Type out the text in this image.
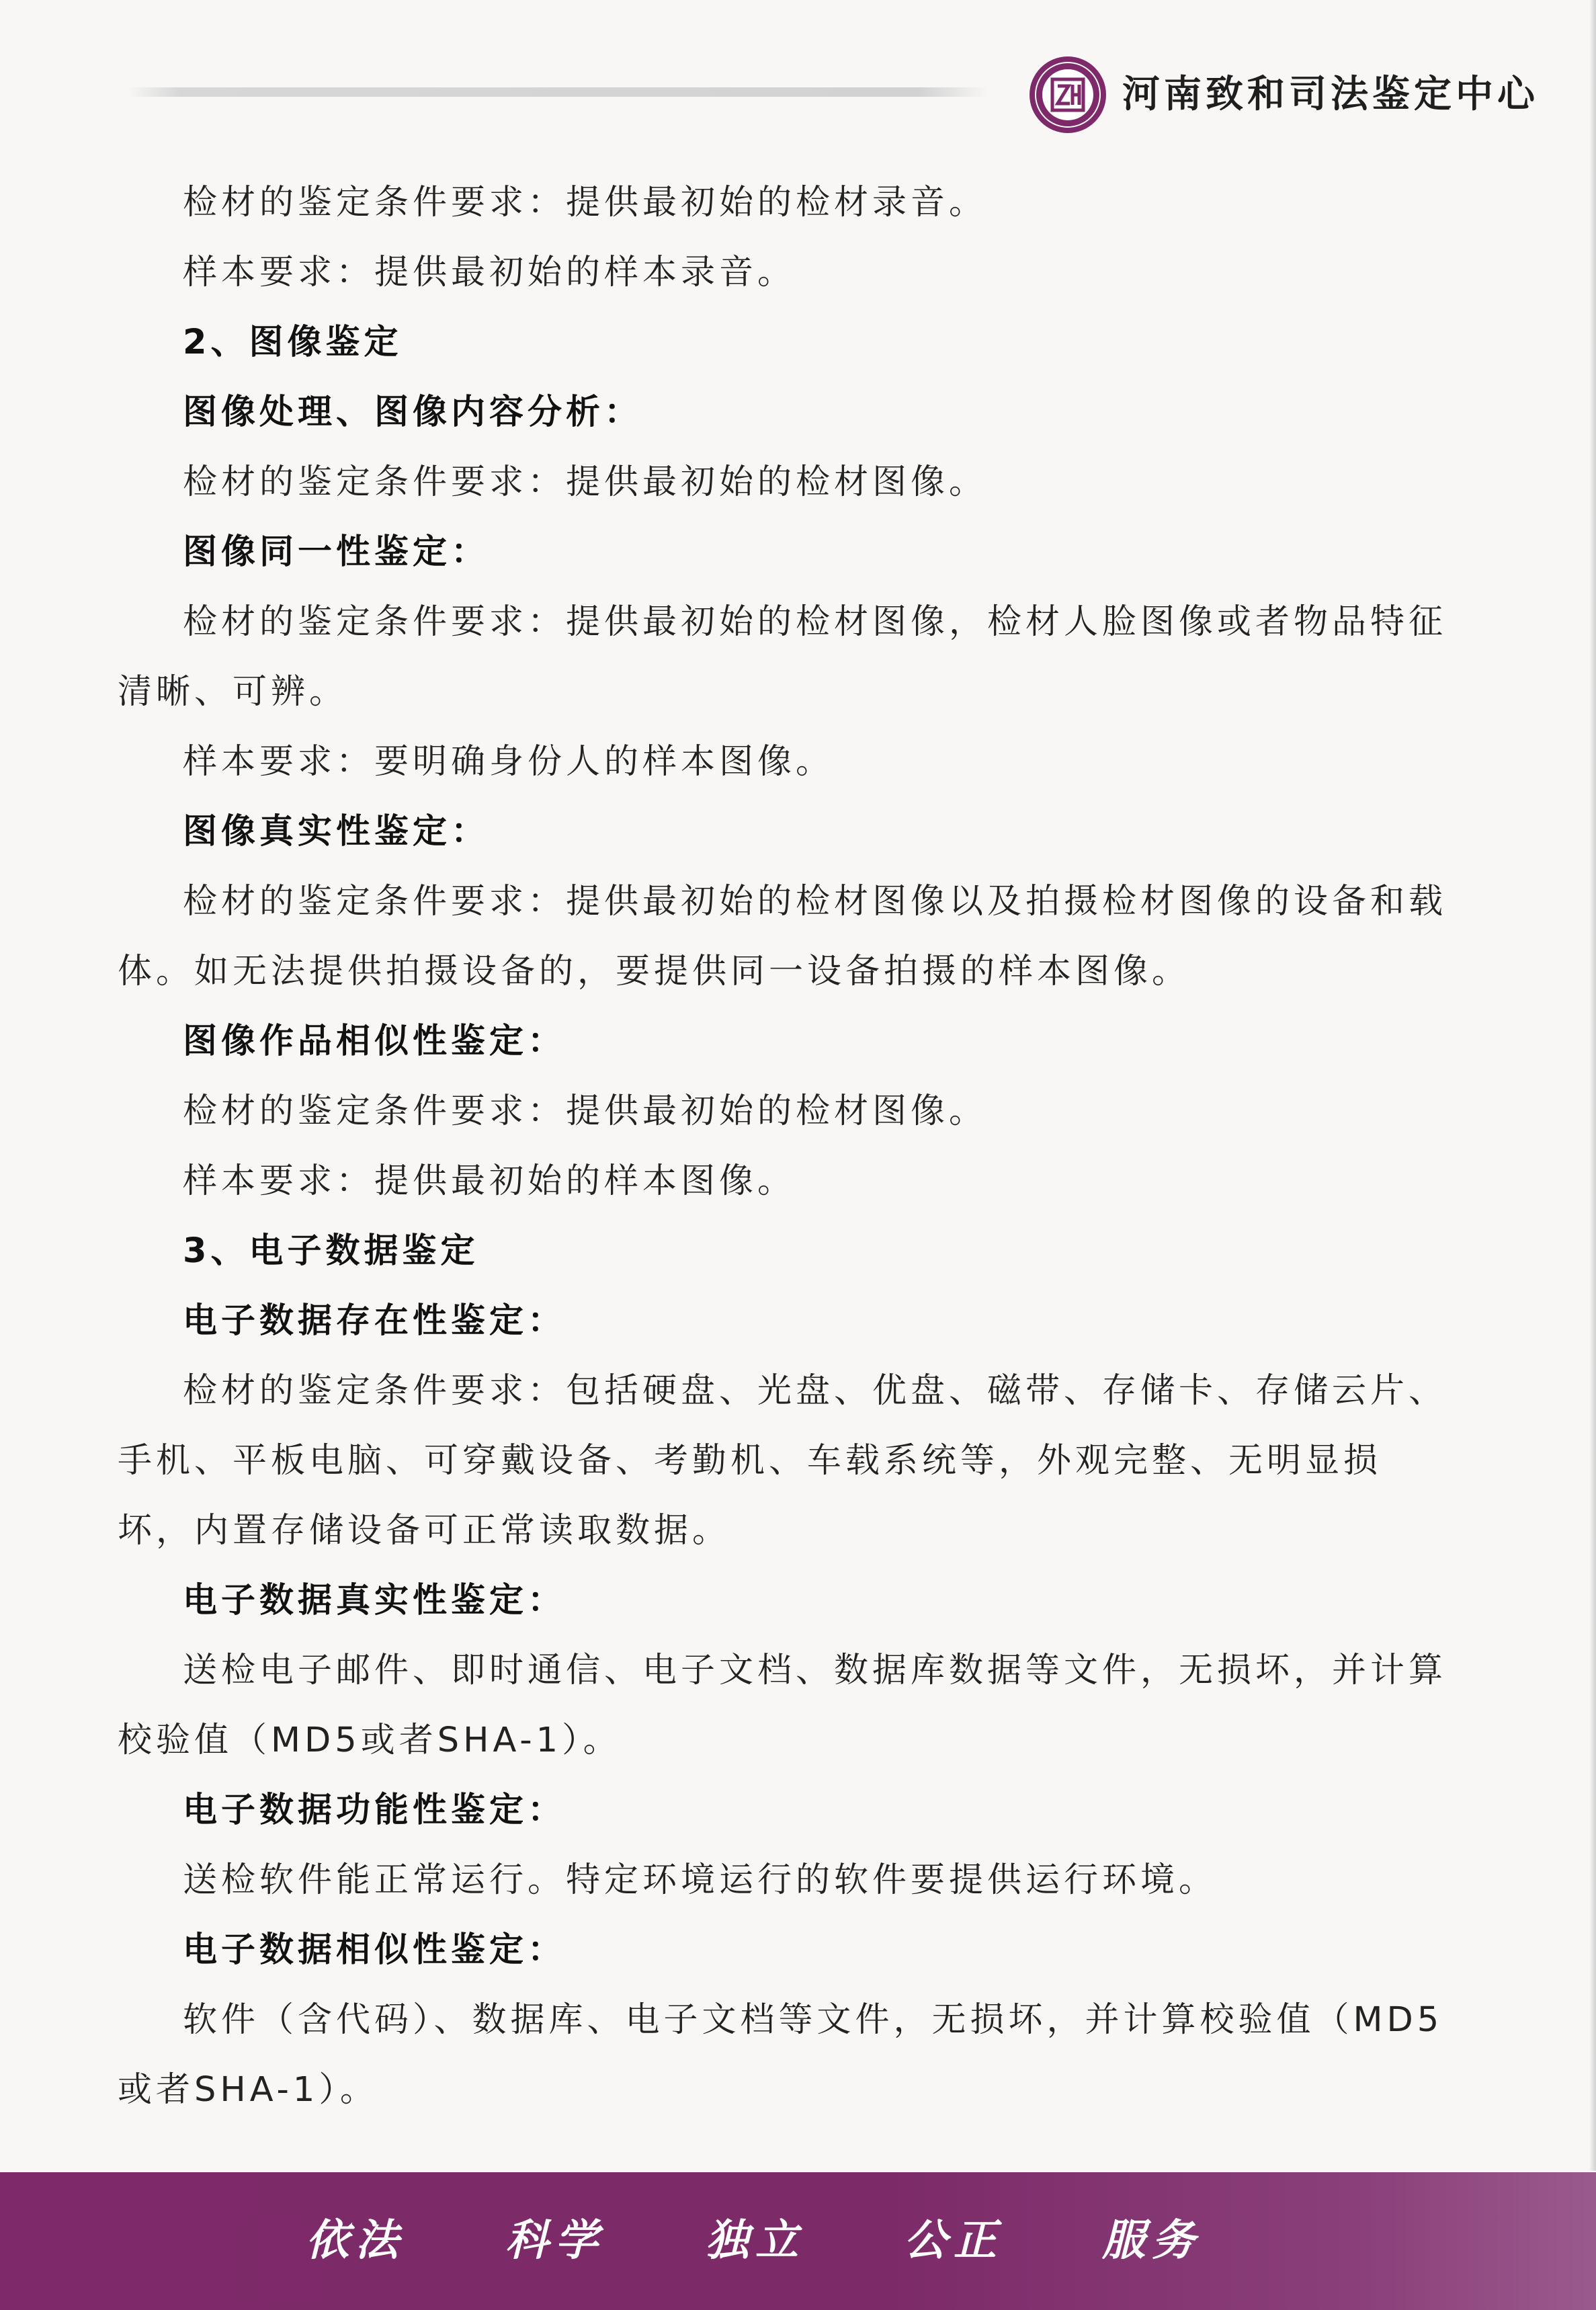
河南致和司法鉴定中心

检材的鉴定条件要求：提供最初始的检材录音。

样本要求：提供最初始的样本录音。

2、图像鉴定

图像处理、图像内容分析：

检材的鉴定条件要求：提供最初始的检材图像。

图像同一性鉴定：

检材的鉴定条件要求：提供最初始的检材图像，检材人脸图像或者物品特征清晰、可辨。

样本要求：要明确身份人的样本图像。

图像真实性鉴定：

检材的鉴定条件要求：提供最初始的检材图像以及拍摄检材图像的设备和载体。如无法提供拍摄设备的，要提供同一设备拍摄的样本图像。

图像作品相似性鉴定：

检材的鉴定条件要求：提供最初始的检材图像。

样本要求：提供最初始的样本图像。

3、电子数据鉴定

电子数据存在性鉴定：

检材的鉴定条件要求：包括硬盘、光盘、优盘、磁带、存储卡、存储云片、手机、平板电脑、可穿戴设备、考勤机、车载系统等，外观完整、无明显损坏，内置存储设备可正常读取数据。

电子数据真实性鉴定：

送检电子邮件、即时通信、电子文档、数据库数据等文件，无损坏，并计算校验值（MD5或者SHA-1）。

电子数据功能性鉴定：

送检软件能正常运行。特定环境运行的软件要提供运行环境。

电子数据相似性鉴定：

软件（含代码）、数据库、电子文档等文件，无损坏，并计算校验值（MD5或者SHA-1）。

依法 科学 独立 公正 服务
